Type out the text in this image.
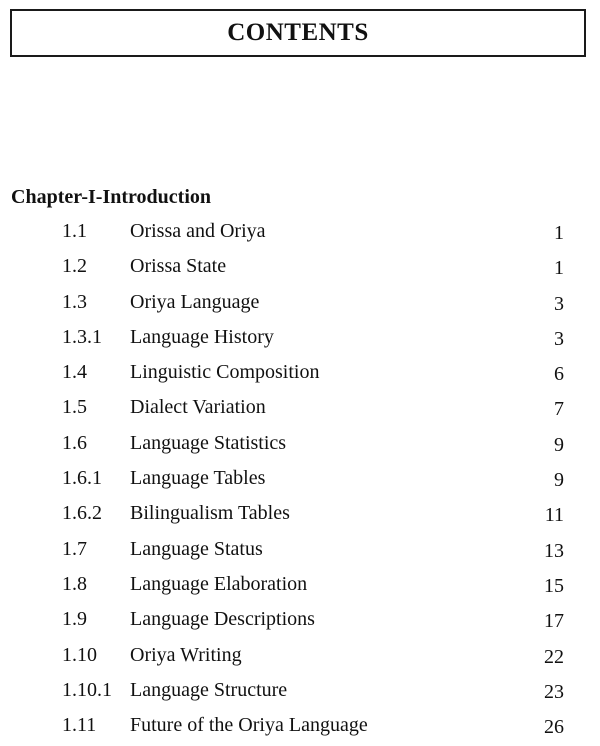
CONTENTS
Chapter-I-Introduction
1.1 Orissa and Oriya	1
1.2 Orissa State	1
1.3 Oriya Language	3
1.3.1 Language History	3
1.4 Linguistic Composition	6
1.5 Dialect Variation	7
1.6 Language Statistics	9
1.6.1 Language Tables	9
1.6.2 Bilingualism Tables	11
1.7 Language Status	13
1.8 Language Elaboration	15
1.9 Language Descriptions	17
1.10 Oriya Writing	22
1.10.1 Language Structure	23
1.11 Future of the Oriya Language	26
